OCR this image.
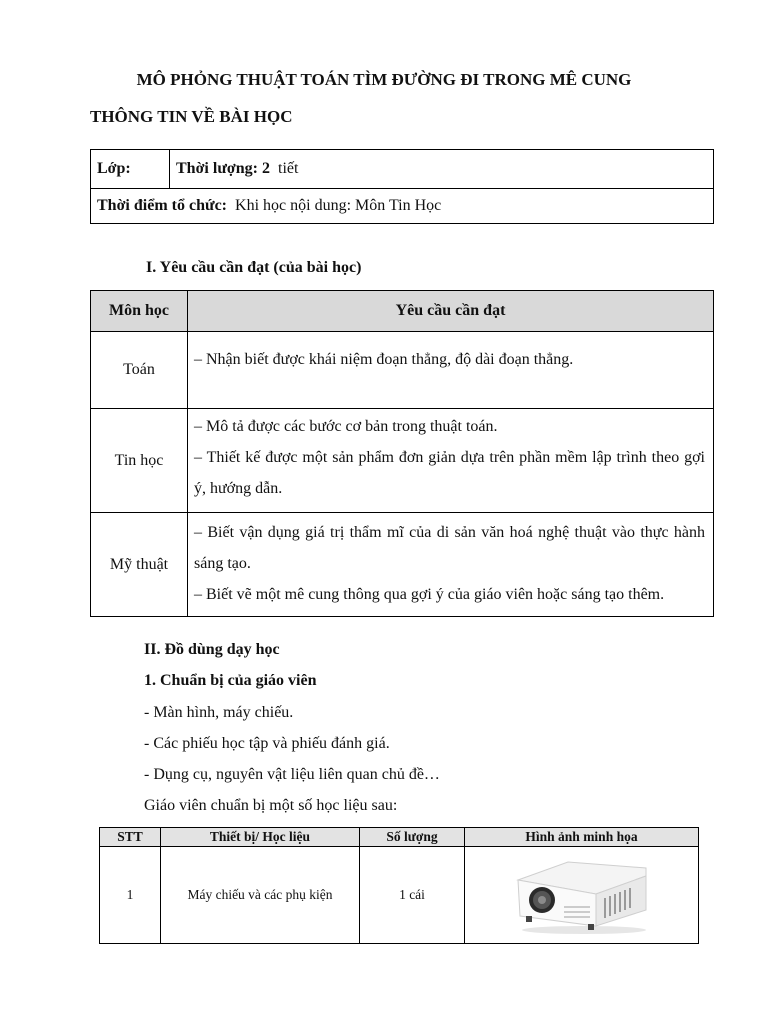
MÔ PHỎNG THUẬT TOÁN TÌM ĐƯỜNG ĐI TRONG MÊ CUNG
THÔNG TIN VỀ BÀI HỌC
Lớp:	Thời lượng: 2 tiết
Thời điểm tổ chức: Khi học nội dung: Môn Tin Học
I. Yêu cầu cần đạt (của bài học)
Môn học	Yêu cầu cần đạt
Toán	– Nhận biết được khái niệm đoạn thẳng, độ dài đoạn thẳng.

Tin học	– Mô tả được các bước cơ bản trong thuật toán.
– Thiết kế được một sản phẩm đơn giản dựa trên phần mềm lập trình theo gợi ý, hướng dẫn.

Mỹ thuật	– Biết vận dụng giá trị thẩm mĩ của di sản văn hoá nghệ thuật vào thực hành sáng tạo.
– Biết vẽ một mê cung thông qua gợi ý của giáo viên hoặc sáng tạo thêm.
II. Đồ dùng dạy học
1. Chuẩn bị của giáo viên
- Màn hình, máy chiếu.
- Các phiếu học tập và phiếu đánh giá.
- Dụng cụ, nguyên vật liệu liên quan chủ đề…
Giáo viên chuẩn bị một số học liệu sau:
STT	Thiết bị/ Học liệu	Số lượng	Hình ảnh minh họa
1	Máy chiếu và các phụ kiện	1 cái	
